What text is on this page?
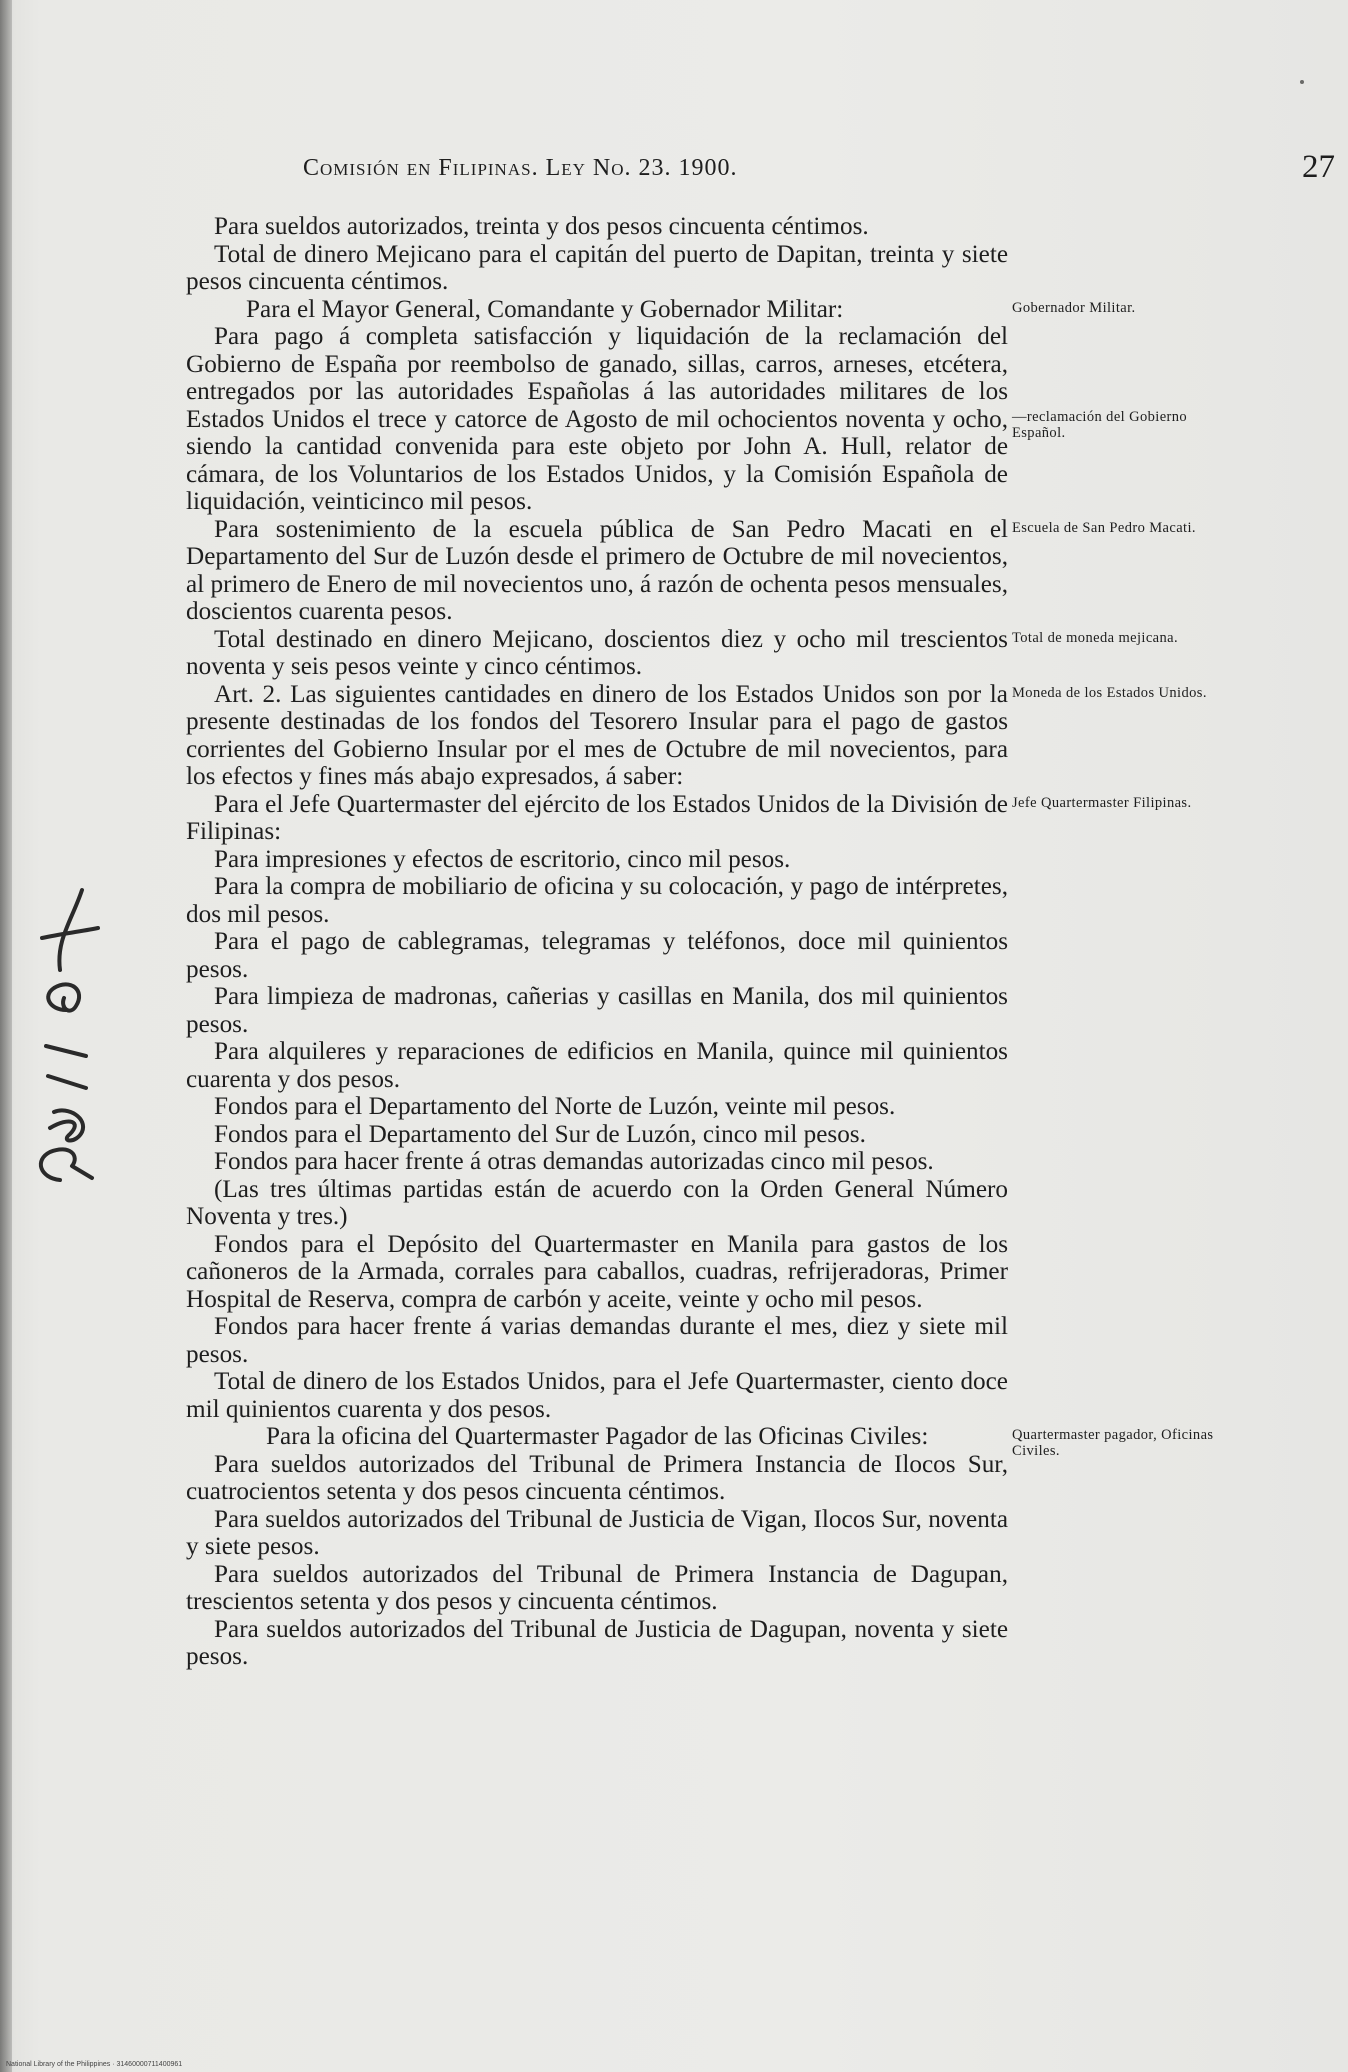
Comisión en Filipinas. Ley No. 23. 1900.	27

Para sueldos autorizados, treinta y dos pesos cincuenta céntimos.

Total de dinero Mejicano para el capitán del puerto de Dapitan, treinta y siete pesos cincuenta céntimos.

Para el Mayor General, Comandante y Gobernador Militar:

Para pago á completa satisfacción y liquidación de la reclamación del Gobierno de España por reembolso de ganado, sillas, carros, arneses, etcétera, entregados por las autoridades Españolas á las autoridades militares de los Estados Unidos el trece y catorce de Agosto de mil ochocientos noventa y ocho, siendo la cantidad convenida para este objeto por John A. Hull, relator de cámara, de los Voluntarios de los Estados Unidos, y la Comisión Española de liquidación, veinticinco mil pesos.

Para sostenimiento de la escuela pública de San Pedro Macati en el Departamento del Sur de Luzón desde el primero de Octubre de mil novecientos, al primero de Enero de mil novecientos uno, á razón de ochenta pesos mensuales, doscientos cuarenta pesos.

Total destinado en dinero Mejicano, doscientos diez y ocho mil trescientos noventa y seis pesos veinte y cinco céntimos.

Art. 2. Las siguientes cantidades en dinero de los Estados Unidos son por la presente destinadas de los fondos del Tesorero Insular para el pago de gastos corrientes del Gobierno Insular por el mes de Octubre de mil novecientos, para los efectos y fines más abajo expresados, á saber:

Para el Jefe Quartermaster del ejército de los Estados Unidos de la División de Filipinas:

Para impresiones y efectos de escritorio, cinco mil pesos.

Para la compra de mobiliario de oficina y su colocación, y pago de intérpretes, dos mil pesos.

Para el pago de cablegramas, telegramas y teléfonos, doce mil quinientos pesos.

Para limpieza de madronas, cañerias y casillas en Manila, dos mil quinientos pesos.

Para alquileres y reparaciones de edificios en Manila, quince mil quinientos cuarenta y dos pesos.

Fondos para el Departamento del Norte de Luzón, veinte mil pesos.

Fondos para el Departamento del Sur de Luzón, cinco mil pesos.

Fondos para hacer frente á otras demandas autorizadas cinco mil pesos.

(Las tres últimas partidas están de acuerdo con la Orden General Número Noventa y tres.)

Fondos para el Depósito del Quartermaster en Manila para gastos de los cañoneros de la Armada, corrales para caballos, cuadras, refrijeradoras, Primer Hospital de Reserva, compra de carbón y aceite, veinte y ocho mil pesos.

Fondos para hacer frente á varias demandas durante el mes, diez y siete mil pesos.

Total de dinero de los Estados Unidos, para el Jefe Quartermaster, ciento doce mil quinientos cuarenta y dos pesos.

Para la oficina del Quartermaster Pagador de las Oficinas Civiles:

Para sueldos autorizados del Tribunal de Primera Instancia de Ilocos Sur, cuatrocientos setenta y dos pesos cincuenta céntimos.

Para sueldos autorizados del Tribunal de Justicia de Vigan, Ilocos Sur, noventa y siete pesos.

Para sueldos autorizados del Tribunal de Primera Instancia de Dagupan, trescientos setenta y dos pesos y cincuenta céntimos.

Para sueldos autorizados del Tribunal de Justicia de Dagupan, noventa y siete pesos.

Gobernador Militar.
—reclamación del Gobierno Español.
Escuela de San Pedro Macati.
Total de moneda mejicana.
Moneda de los Estados Unidos.
Jefe Quartermaster Filipinas.
Quartermaster pagador, Oficinas Civiles.
National Library of the Philippines · 31460000711400961
